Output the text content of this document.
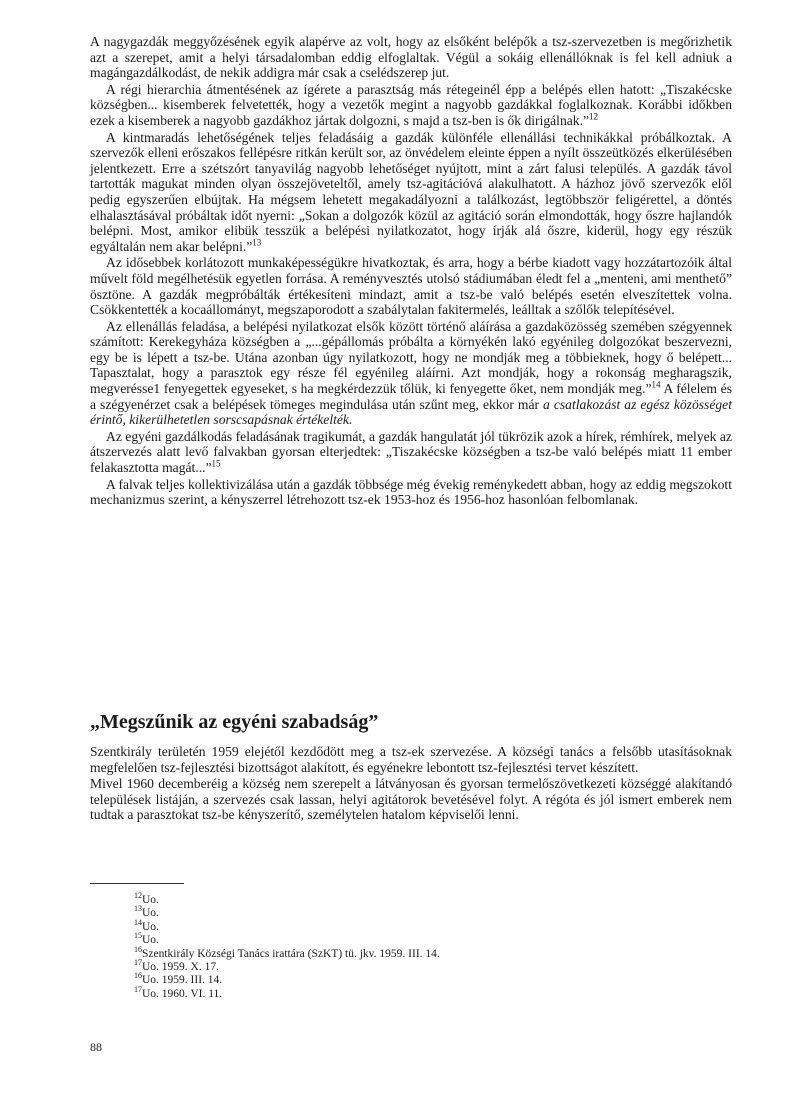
A nagygazdák meggyőzésének egyik alapérve az volt, hogy az elsőként belépők a tsz-szervezetben is megőrizhetik azt a szerepet, amit a helyi társadalomban eddig elfoglaltak. Végül a sokáig ellenállóknak is fel kell adniuk a magángazdálkodást, de nekik addigra már csak a cselédszerep jut.

A régi hierarchia átmentésének az ígérete a parasztság más rétegeinél épp a belépés ellen hatott: „Tiszakécske községben... kisemberek felvetették, hogy a vezetők megint a nagyobb gazdákkal foglalkoznak. Korábbi időkben ezek a kisemberek a nagyobb gazdákhoz jártak dolgozni, s majd a tsz-ben is ők dirigálnak.”$^{12}$

A kintmaradás lehetőségének teljes feladásáig a gazdák különféle ellenállási technikákkal próbálkoztak. A szervezők elleni erőszakos fellépésre ritkán került sor, az önvédelem eleinte éppen a nyílt összeütközés elkerülésében jelentkezett. Erre a szétszórt tanyavilág nagyobb lehetőséget nyújtott, mint a zárt falusi település. A gazdák távol tartották magukat minden olyan összejöveteltől, amely tsz-agitációvá alakulhatott. A házhoz jövő szervezők elől pedig egyszerűen elbújtak. Ha mégsem lehetett megakadályozni a találkozást, legtöbbször feligérettel, a döntés elhalasztásával próbáltak időt nyerni: „Sokan a dolgozók közül az agitáció során elmondották, hogy őszre hajlandók belépni. Most, amikor elibük tesszük a belépési nyilatkozatot, hogy írják alá őszre, kiderül, hogy egy részük egyáltalán nem akar belépni.”$^{13}$

Az idősebbek korlátozott munkaképességükre hivatkoztak, és arra, hogy a bérbe kiadott vagy hozzátartozóik által művelt föld megélhetésük egyetlen forrása. A reményvesztés utolsó stádiumában éledt fel a „menteni, ami menthető” ösztöne. A gazdák megpróbálták értékesíteni mindazt, amit a tsz-be való belépés esetén elveszítettek volna. Csökkentették a kocaállományt, megszaporodott a szabálytalan fakitermelés, leálltak a szőlők telepítésével.

Az ellenállás feladása, a belépési nyilatkozat elsők között történő aláírása a gazdaközösség szemében szégyennek számított: Kerekegyháza községben a „...gépállomás próbálta a környékén lakó egyénileg dolgozókat beszervezni, egy be is lépett a tsz-be. Utána azonban úgy nyilatkozott, hogy ne mondják meg a többieknek, hogy ő belépett... Tapasztalat, hogy a parasztok egy része fél egyénileg aláírni. Azt mondják, hogy a rokonság megharagszik, megverésse1 fenyegettek egyeseket, s ha megkérdezzük tőlük, ki fenyegette őket, nem mondják meg.”$^{14}$ A félelem és a szégyenérzet csak a belépések tömeges megindulása után szűnt meg, ekkor már a csatlakozást az egész közösséget érintő, kikerülhetetlen sorscsapásnak értékelték.

Az egyéni gazdálkodás feladásának tragikumát, a gazdák hangulatát jól tükrözik azok a hírek, rémhírek, melyek az átszervezés alatt levő falvakban gyorsan elterjedtek: „Tiszakécske községben a tsz-be való belépés miatt 11 ember felakasztotta magát...”$^{15}$

A falvak teljes kollektivizálása után a gazdák többsége még évekig reménykedett abban, hogy az eddig megszokott mechanizmus szerint, a kényszerrel létrehozott tsz-ek 1953-hoz és 1956-hoz hasonlóan felbomlanak.

„Megszűnik az egyéni szabadság”

Szentkirály területén 1959 elejétől kezdődött meg a tsz-ek szervezése. A községi tanács a felsőbb utasításoknak megfelelően tsz-fejlesztési bizottságot alakított, és egyénekre lebontott tsz-fejlesztési tervet készített.

Mivel 1960 decemberéig a község nem szerepelt a látványosan és gyorsan termelőszövetkezeti községgé alakítandó települések listáján, a szervezés csak lassan, helyi agitátorok bevetésével folyt. A régóta és jól ismert emberek nem tudtak a parasztokat tsz-be kényszerítő, személytelen hatalom képviselői lenni.

$^{12}$Uo.
$^{13}$Uo.
$^{14}$Uo.
$^{15}$Uo.
$^{16}$Szentkirály Községi Tanács irattára (SzKT) tü. jkv. 1959. III. 14.
$^{17}$Uo. 1959. X. 17.
$^{16}$Uo. 1959. III. 14.
$^{17}$Uo. 1960. VI. 11.
88
